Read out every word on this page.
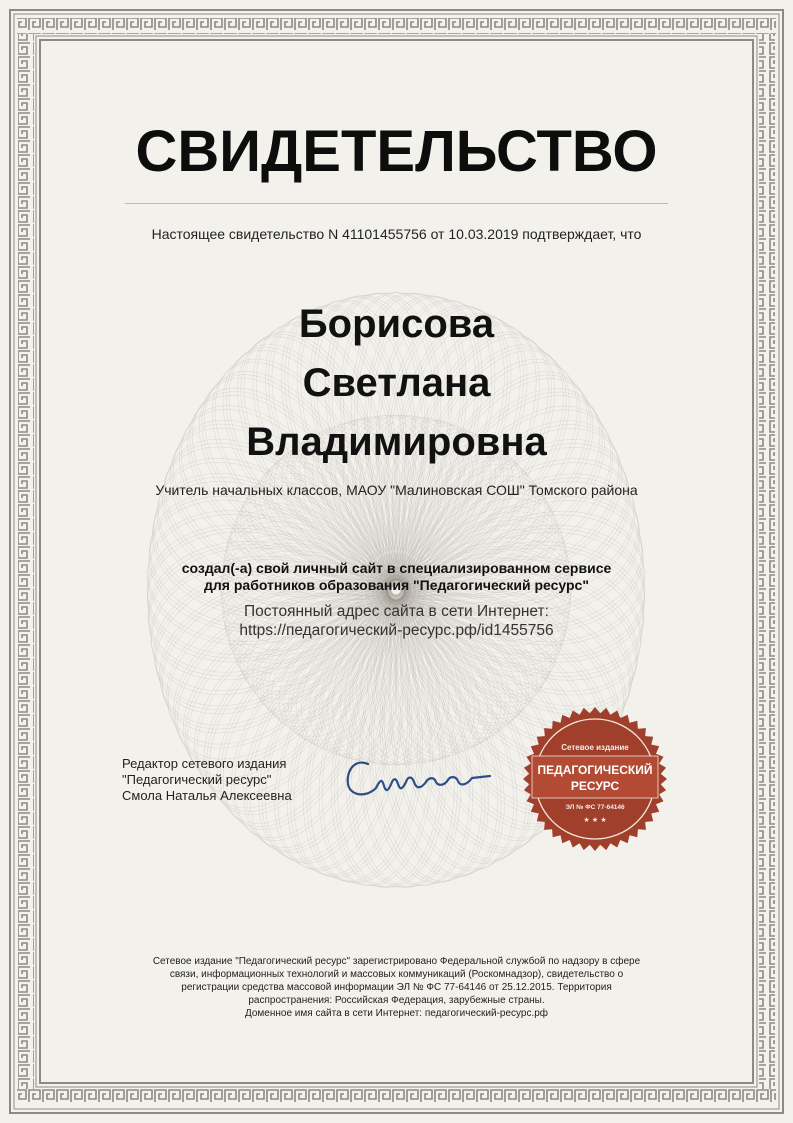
СВИДЕТЕЛЬСТВО
Настоящее свидетельство N 41101455756 от 10.03.2019 подтверждает, что
Борисова
Светлана
Владимировна
Учитель начальных классов, МАОУ "Малиновская СОШ" Томского района
создал(-а) свой личный сайт в специализированном сервисе
для работников образования "Педагогический ресурс"
Постоянный адрес сайта в сети Интернет:
https://педагогический-ресурс.рф/id1455756
Редактор сетевого издания
"Педагогический ресурс"
Смола Наталья Алексеевна
Сетевое издание
ПЕДАГОГИЧЕСКИЙ
РЕСУРС
ЭЛ № ФС 77-64146
★ ★ ★
Сетевое издание "Педагогический ресурс" зарегистрировано Федеральной службой по надзору в сфере
связи, информационных технологий и массовых коммуникаций (Роскомнадзор), свидетельство о
регистрации средства массовой информации ЭЛ № ФС 77-64146 от 25.12.2015. Территория
распространения: Российская Федерация, зарубежные страны.
Доменное имя сайта в сети Интернет: педагогический-ресурс.рф
